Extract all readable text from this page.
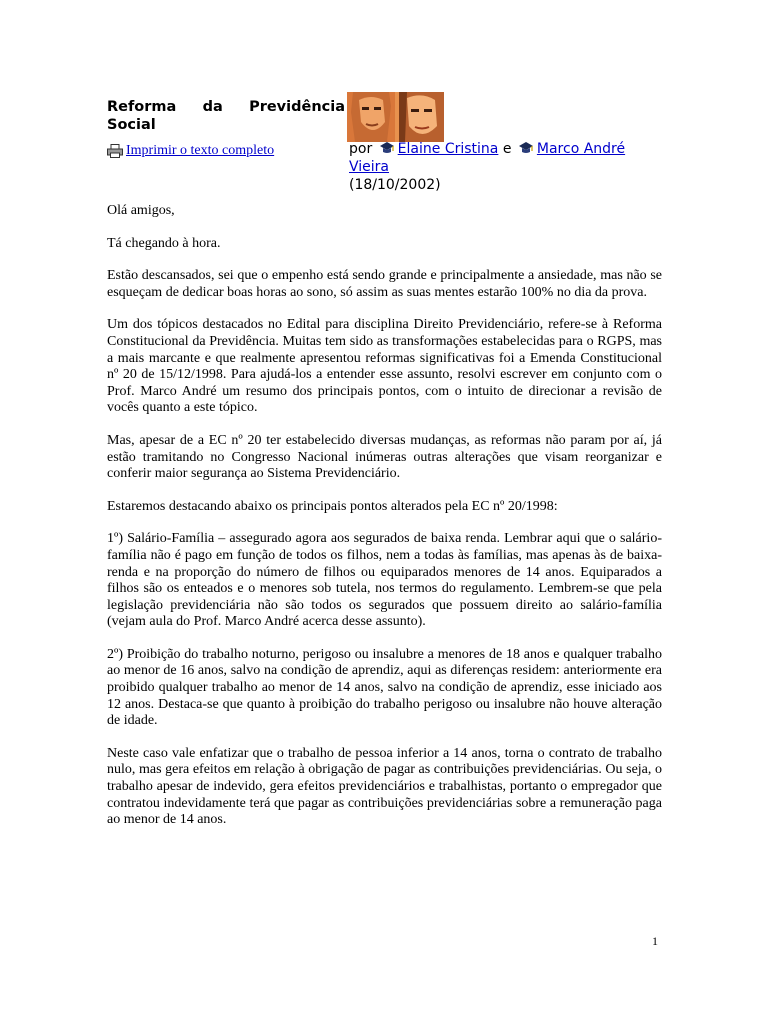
Reforma da Previdência
Social
Imprimir o texto completo	por Elaine Cristina e Marco André Vieira
(18/10/2002)

Olá amigos,

Tá chegando à hora.

Estão descansados, sei que o empenho está sendo grande e principalmente a ansiedade, mas não se esqueçam de dedicar boas horas ao sono, só assim as suas mentes estarão 100% no dia da prova.

Um dos tópicos destacados no Edital para disciplina Direito Previdenciário, refere-se à Reforma Constitucional da Previdência. Muitas tem sido as transformações estabelecidas para o RGPS, mas a mais marcante e que realmente apresentou reformas significativas foi a Emenda Constitucional nº 20 de 15/12/1998. Para ajudá-los a entender esse assunto, resolvi escrever em conjunto com o Prof. Marco André um resumo dos principais pontos, com o intuito de direcionar a revisão de vocês quanto a este tópico.

Mas, apesar de a EC nº 20 ter estabelecido diversas mudanças, as reformas não param por aí, já estão tramitando no Congresso Nacional inúmeras outras alterações que visam reorganizar e conferir maior segurança ao Sistema Previdenciário.

Estaremos destacando abaixo os principais pontos alterados pela EC nº 20/1998:

1º) Salário-Família – assegurado agora aos segurados de baixa renda. Lembrar aqui que o salário-família não é pago em função de todos os filhos, nem a todas às famílias, mas apenas às de baixa-renda e na proporção do número de filhos ou equiparados menores de 14 anos. Equiparados a filhos são os enteados e o menores sob tutela, nos termos do regulamento. Lembrem-se que pela legislação previdenciária não são todos os segurados que possuem direito ao salário-família (vejam aula do Prof. Marco André acerca desse assunto).

2º) Proibição do trabalho noturno, perigoso ou insalubre a menores de 18 anos e qualquer trabalho ao menor de 16 anos, salvo na condição de aprendiz, aqui as diferenças residem: anteriormente era proibido qualquer trabalho ao menor de 14 anos, salvo na condição de aprendiz, esse iniciado aos 12 anos. Destaca-se que quanto à proibição do trabalho perigoso ou insalubre não houve alteração de idade.

Neste caso vale enfatizar que o trabalho de pessoa inferior a 14 anos, torna o contrato de trabalho nulo, mas gera efeitos em relação à obrigação de pagar as contribuições previdenciárias. Ou seja, o trabalho apesar de indevido, gera efeitos previdenciários e trabalhistas, portanto o empregador que contratou indevidamente terá que pagar as contribuições previdenciárias sobre a remuneração paga ao menor de 14 anos.

1
